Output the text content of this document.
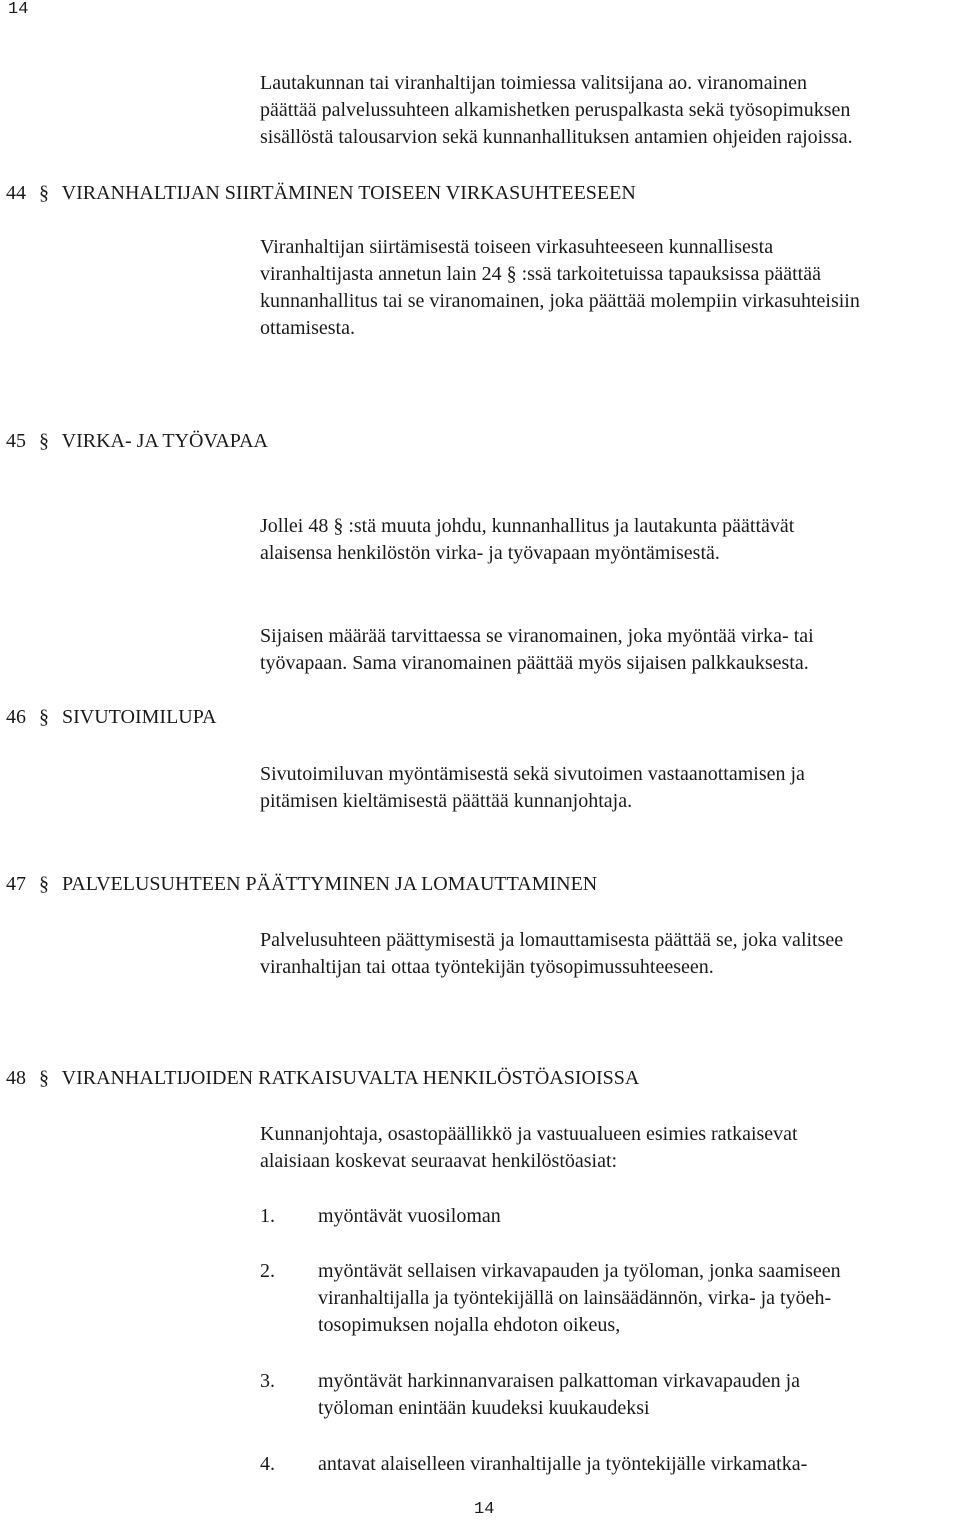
14
Lautakunnan tai viranhaltijan toimiessa valitsijana ao. viranomainen
päättää palvelussuhteen alkamishetken peruspalkasta sekä työsopimuksen
sisällöstä talousarvion sekä kunnanhallituksen antamien ohjeiden rajoissa.
44 § VIRANHALTIJAN SIIRTÄMINEN TOISEEN VIRKASUHTEESEEN
Viranhaltijan siirtämisestä toiseen virkasuhteeseen kunnallisesta
viranhaltijasta annetun lain 24 § :ssä tarkoitetuissa tapauksissa päättää
kunnanhallitus tai se viranomainen, joka päättää molempiin virkasuhteisiin
ottamisesta.
45 § VIRKA- JA TYÖVAPAA
Jollei 48 § :stä muuta johdu, kunnanhallitus ja lautakunta päättävät
alaisensa henkilöstön virka- ja työvapaan myöntämisestä.
Sijaisen määrää tarvittaessa se viranomainen, joka myöntää virka- tai
työvapaan. Sama viranomainen päättää myös sijaisen palkkauksesta.
46 § SIVUTOIMILUPA
Sivutoimiluvan myöntämisestä sekä sivutoimen vastaanottamisen ja
pitämisen kieltämisestä päättää kunnanjohtaja.
47 § PALVELUSUHTEEN PÄÄTTYMINEN JA LOMAUTTAMINEN
Palvelusuhteen päättymisestä ja lomauttamisesta päättää se, joka valitsee
viranhaltijan tai ottaa työntekijän työsopimussuhteeseen.
48 § VIRANHALTIJOIDEN RATKAISUVALTA HENKILÖSTÖASIOISSA
Kunnanjohtaja, osastopäällikkö ja vastuualueen esimies ratkaisevat
alaisiaan koskevat seuraavat henkilöstöasiat:
1. myöntävät vuosiloman
2. myöntävät sellaisen virkavapauden ja työloman, jonka saamiseen
viranhaltijalla ja työntekijällä on lainsäädännön, virka- ja työeh-
tosopimuksen nojalla ehdoton oikeus,
3. myöntävät harkinnanvaraisen palkattoman virkavapauden ja
työloman enintään kuudeksi kuukaudeksi
4. antavat alaiselleen viranhaltijalle ja työntekijälle virkamatka-
14
